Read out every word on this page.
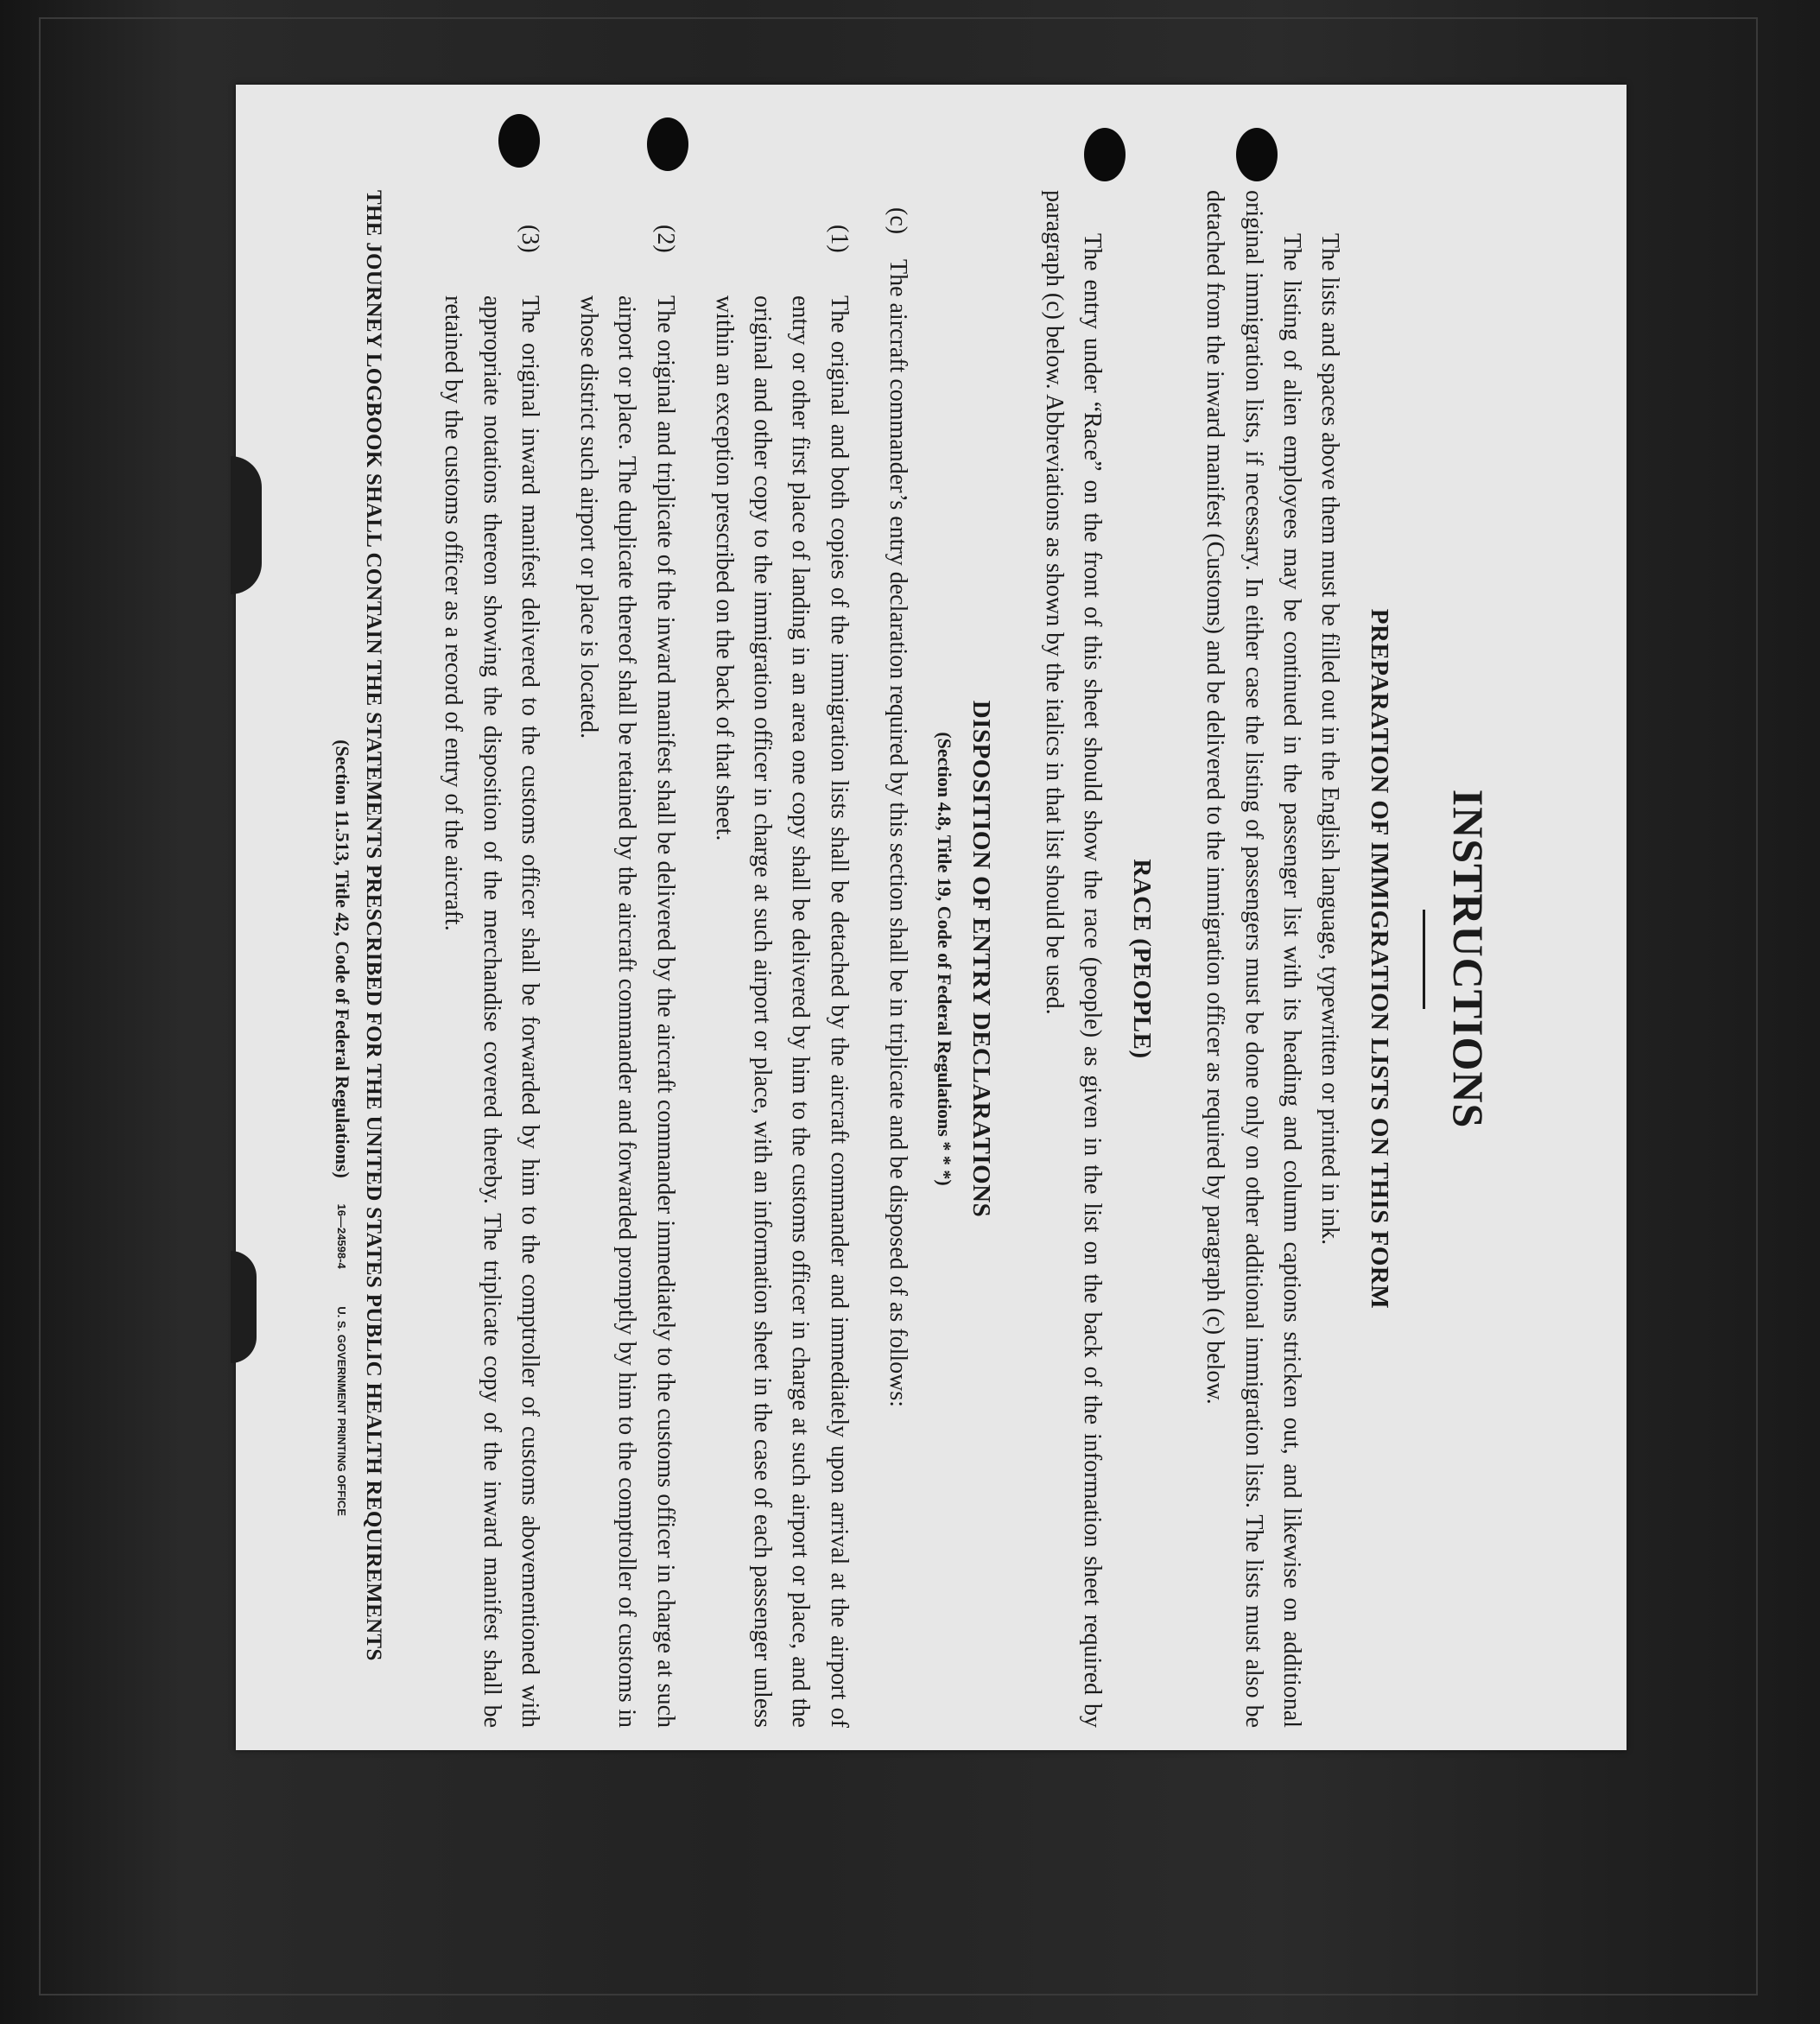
INSTRUCTIONS

PREPARATION OF IMMIGRATION LISTS ON THIS FORM

The lists and spaces above them must be filled out in the English language, typewritten or printed in ink.

The listing of alien employees may be continued in the passenger list with its heading and column captions stricken out, and likewise on additional original immigration lists, if necessary. In either case the listing of passengers must be done only on other additional immigration lists. The lists must also be detached from the inward manifest (Customs) and be delivered to the immigration officer as required by paragraph (c) below.

RACE (PEOPLE)

The entry under “Race” on the front of this sheet should show the race (people) as given in the list on the back of the information sheet required by paragraph (c) below. Abbreviations as shown by the italics in that list should be used.

DISPOSITION OF ENTRY DECLARATIONS

(Section 4.8, Title 19, Code of Federal Regulations * * *)

(c)
The aircraft commander’s entry declaration required by this section shall be in triplicate and be disposed of as follows:
(1)
The original and both copies of the immigration lists shall be detached by the aircraft commander and immediately upon arrival at the airport of entry or other first place of landing in an area one copy shall be delivered by him to the customs officer in charge at such airport or place, and the original and other copy to the immigration officer in charge at such airport or place, with an information sheet in the case of each passenger unless within an exception prescribed on the back of that sheet.
(2)
The original and triplicate of the inward manifest shall be delivered by the aircraft commander immediately to the customs officer in charge at such airport or place. The duplicate thereof shall be retained by the aircraft commander and forwarded promptly by him to the comptroller of customs in whose district such airport or place is located.
(3)
The original inward manifest delivered to the customs officer shall be forwarded by him to the comptroller of customs abovementioned with appropriate notations thereon showing the disposition of the merchandise covered thereby. The triplicate copy of the inward manifest shall be retained by the customs officer as a record of entry of the aircraft.

THE JOURNEY LOGBOOK SHALL CONTAIN THE STATEMENTS PRESCRIBED FOR THE UNITED STATES PUBLIC HEALTH REQUIREMENTS

(Section 11.513, Title 42, Code of Federal Regulations)

16—24598-4 U. S. GOVERNMENT PRINTING OFFICE
